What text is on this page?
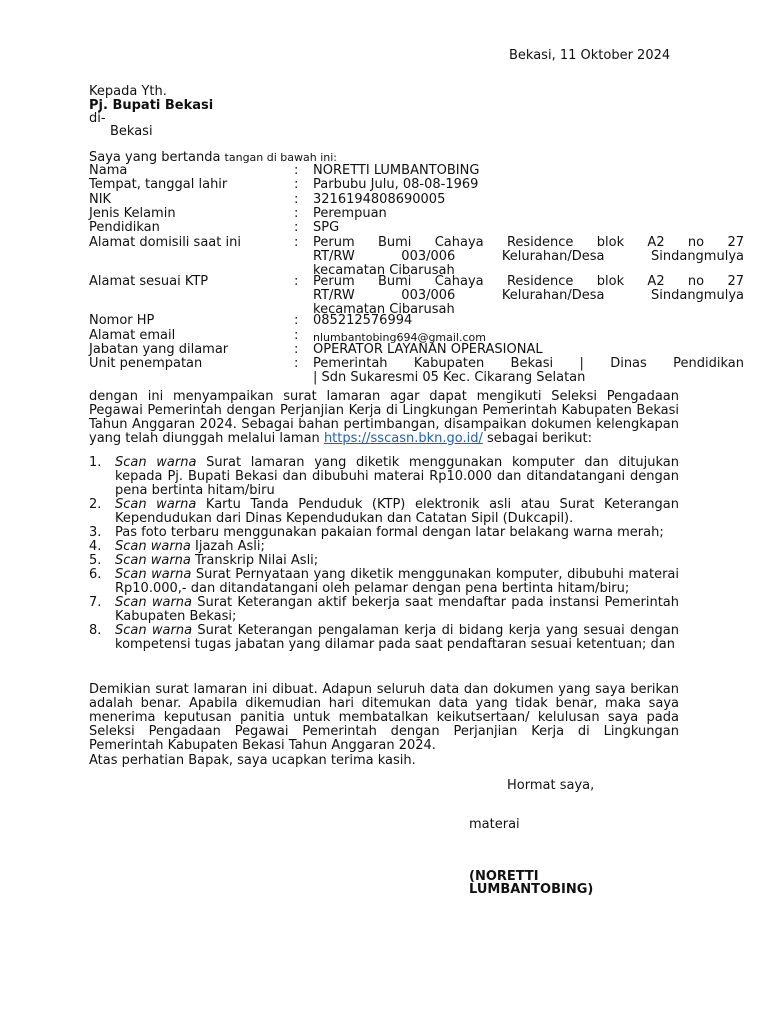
Bekasi, 11 Oktober 2024
Kepada Yth.
Pj. Bupati Bekasi
di-
Bekasi
Saya yang bertanda tangan di bawah ini:
Nama	: NORETTI LUMBANTOBING
Tempat, tanggal lahir	: Parbubu Julu, 08-08-1969
NIK	: 3216194808690005
Jenis Kelamin	: Perempuan
Pendidikan	: SPG
Alamat domisili saat ini	: Perum Bumi Cahaya Residence blok A2 no 27
RT/RW 003/006 Kelurahan/Desa Sindangmulya
kecamatan Cibarusah
Alamat sesuai KTP	: Perum Bumi Cahaya Residence blok A2 no 27
RT/RW 003/006 Kelurahan/Desa Sindangmulya
kecamatan Cibarusah
Nomor HP	: 085212576994
Alamat email	: nlumbantobing694@gmail.com
Jabatan yang dilamar	: OPERATOR LAYANAN OPERASIONAL
Unit penempatan	: Pemerintah Kabupaten Bekasi | Dinas Pendidikan
| Sdn Sukaresmi 05 Kec. Cikarang Selatan
dengan ini menyampaikan surat lamaran agar dapat mengikuti Seleksi Pengadaan Pegawai Pemerintah dengan Perjanjian Kerja di Lingkungan Pemerintah Kabupaten Bekasi Tahun Anggaran 2024. Sebagai bahan pertimbangan, disampaikan dokumen kelengkapan yang telah diunggah melalui laman https://sscasn.bkn.go.id/ sebagai berikut:
1. Scan warna Surat lamaran yang diketik menggunakan komputer dan ditujukan kepada Pj. Bupati Bekasi dan dibubuhi materai Rp10.000 dan ditandatangani dengan pena bertinta hitam/biru
2. Scan warna Kartu Tanda Penduduk (KTP) elektronik asli atau Surat Keterangan Kependudukan dari Dinas Kependudukan dan Catatan Sipil (Dukcapil).
3. Pas foto terbaru menggunakan pakaian formal dengan latar belakang warna merah;
4. Scan warna Ijazah Asli;
5. Scan warna Transkrip Nilai Asli;
6. Scan warna Surat Pernyataan yang diketik menggunakan komputer, dibubuhi materai Rp10.000,- dan ditandatangani oleh pelamar dengan pena bertinta hitam/biru;
7. Scan warna Surat Keterangan aktif bekerja saat mendaftar pada instansi Pemerintah Kabupaten Bekasi;
8. Scan warna Surat Keterangan pengalaman kerja di bidang kerja yang sesuai dengan kompetensi tugas jabatan yang dilamar pada saat pendaftaran sesuai ketentuan; dan
Demikian surat lamaran ini dibuat. Adapun seluruh data dan dokumen yang saya berikan adalah benar. Apabila dikemudian hari ditemukan data yang tidak benar, maka saya menerima keputusan panitia untuk membatalkan keikutsertaan/ kelulusan saya pada Seleksi Pengadaan Pegawai Pemerintah dengan Perjanjian Kerja di Lingkungan Pemerintah Kabupaten Bekasi Tahun Anggaran 2024.
Atas perhatian Bapak, saya ucapkan terima kasih.
Hormat saya,
materai
(NORETTI
LUMBANTOBING)
